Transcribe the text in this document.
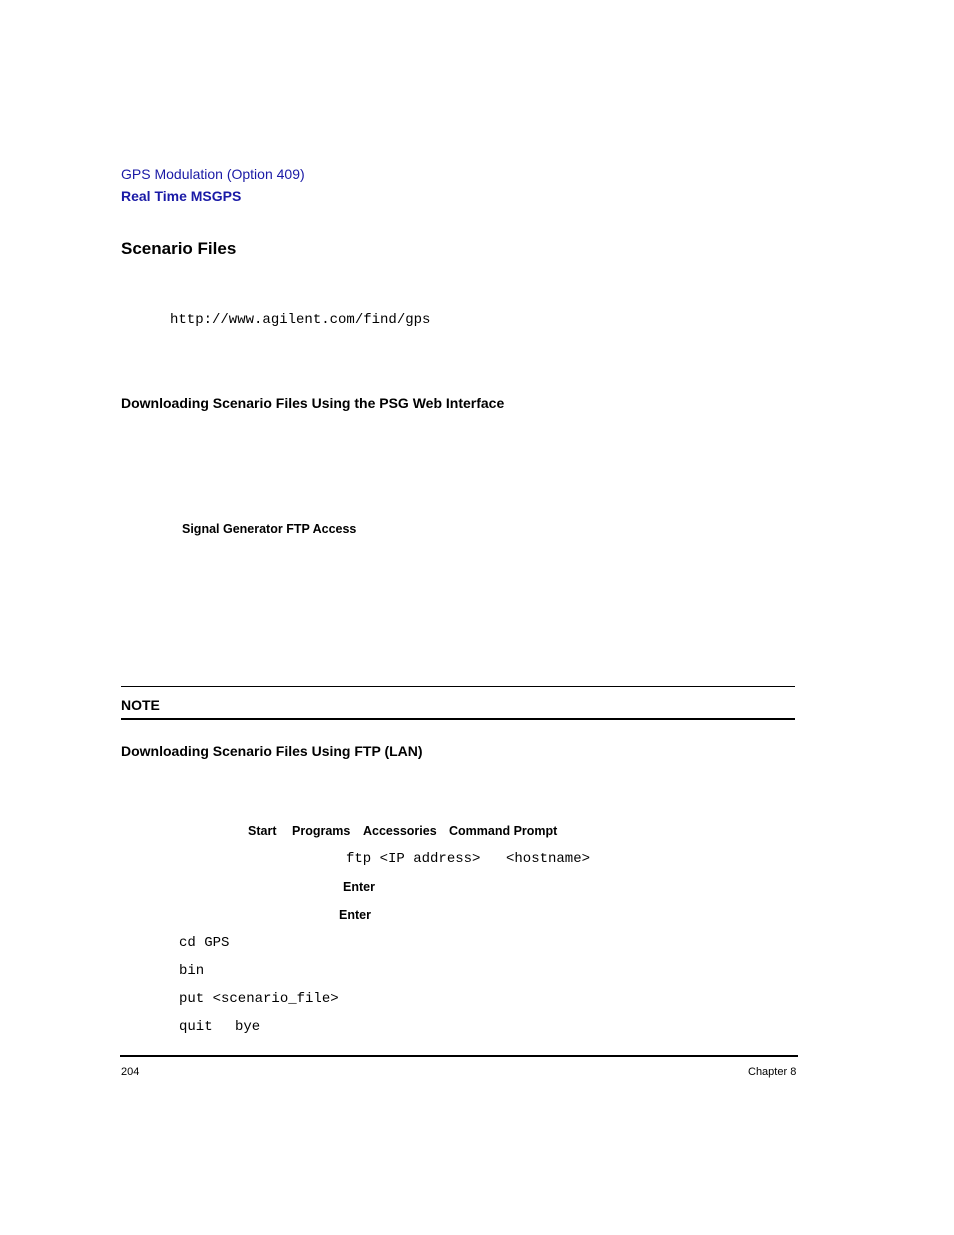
GPS Modulation (Option 409)
Real Time MSGPS
Scenario Files
http://www.agilent.com/find/gps
Downloading Scenario Files Using the PSG Web Interface
Signal Generator FTP Access
NOTE
Downloading Scenario Files Using FTP (LAN)
Start Programs Accessories Command Prompt
ftp <IP address> <hostname>
Enter
Enter
cd GPS
bin
put <scenario_file>
quit bye
204	Chapter 8
